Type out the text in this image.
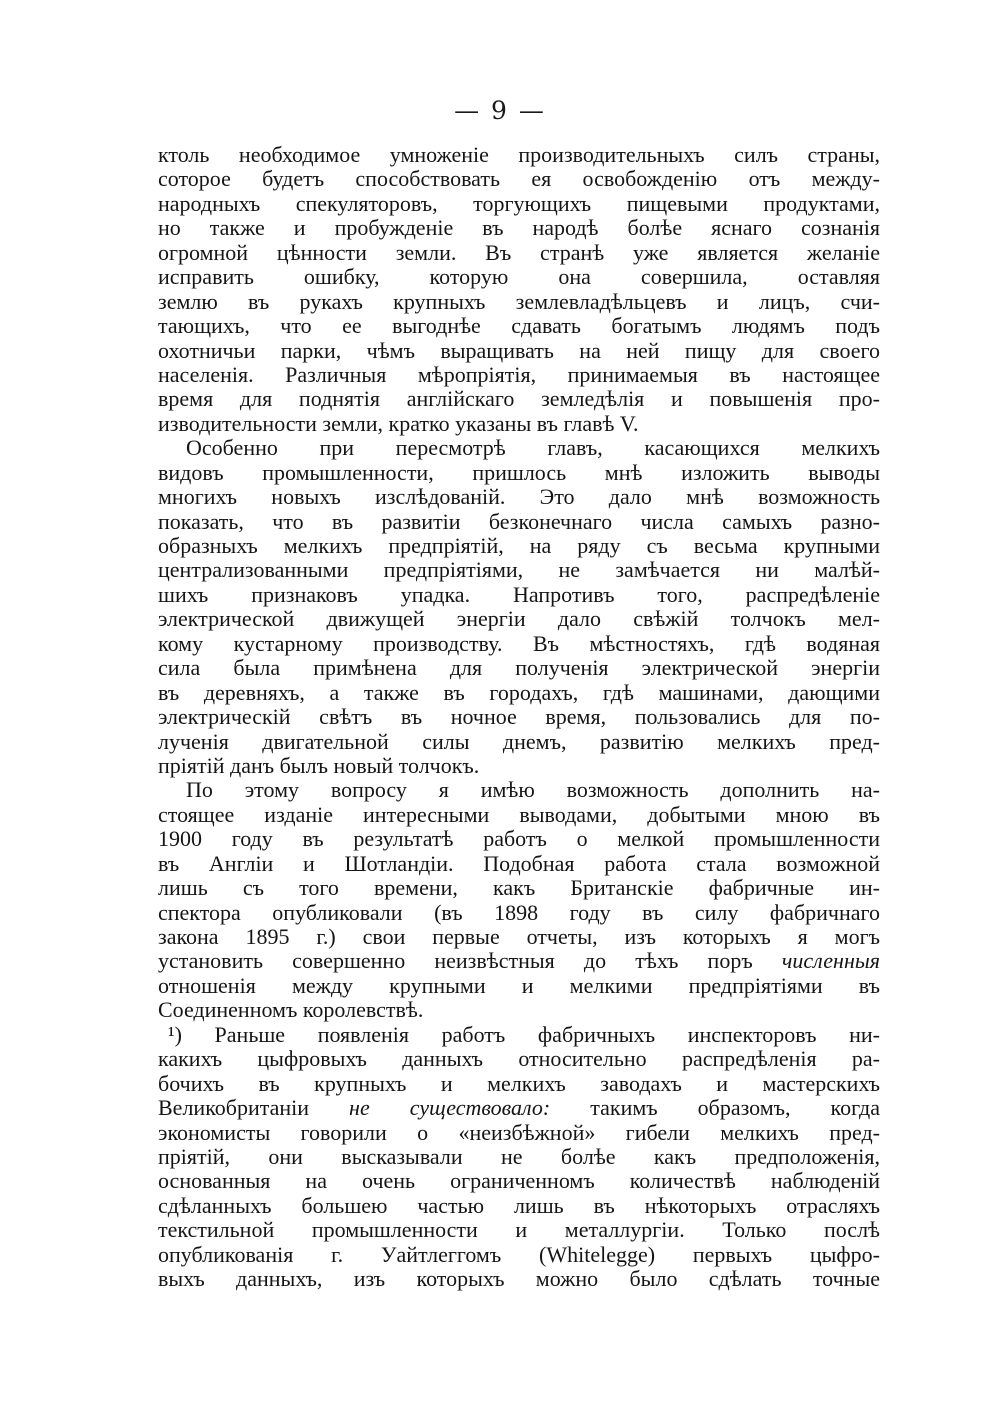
— 9 —
ктоль необходимое умноженіе производительныхъ силъ страны,
соторое будетъ способствовать ея освобожденію отъ между-
народныхъ спекуляторовъ, торгующихъ пищевыми продуктами,
но также и пробужденіе въ народѣ болѣе яснаго сознанія
огромной цѣнности земли. Въ странѣ уже является желаніе
исправить ошибку, которую она совершила, оставляя
землю въ рукахъ крупныхъ землевладѣльцевъ и лицъ, счи-
тающихъ, что ее выгоднѣе сдавать богатымъ людямъ подъ
охотничьи парки, чѣмъ выращивать на ней пищу для своего
населенія. Различныя мѣропріятія, принимаемыя въ настоящее
время для поднятія англійскаго земледѣлія и повышенія про-
изводительности земли, кратко указаны въ главѣ V.
Особенно при пересмотрѣ главъ, касающихся мелкихъ
видовъ промышленности, пришлось мнѣ изложить выводы
многихъ новыхъ изслѣдованій. Это дало мнѣ возможность
показать, что въ развитіи безконечнаго числа самыхъ разно-
образныхъ мелкихъ предпріятій, на ряду съ весьма крупными
централизованными предпріятіями, не замѣчается ни малѣй-
шихъ признаковъ упадка. Напротивъ того, распредѣленіе
электрической движущей энергіи дало свѣжій толчокъ мел-
кому кустарному производству. Въ мѣстностяхъ, гдѣ водяная
сила была примѣнена для полученія электрической энергіи
въ деревняхъ, а также въ городахъ, гдѣ машинами, дающими
электрическій свѣтъ въ ночное время, пользовались для по-
лученія двигательной силы днемъ, развитію мелкихъ пред-
пріятій данъ былъ новый толчокъ.
По этому вопросу я имѣю возможность дополнить на-
стоящее изданіе интересными выводами, добытыми мною въ
1900 году въ результатѣ работъ о мелкой промышленности
въ Англіи и Шотландіи. Подобная работа стала возможной
лишь съ того времени, какъ Британскіе фабричные ин-
спектора опубликовали (въ 1898 году въ силу фабричнаго
закона 1895 г.) свои первые отчеты, изъ которыхъ я могъ
установить совершенно неизвѣстныя до тѣхъ поръ численныя
отношенія между крупными и мелкими предпріятіями въ
Соединенномъ королевствѣ.
¹) Раньше появленія работъ фабричныхъ инспекторовъ ни-
какихъ цыфровыхъ данныхъ относительно распредѣленія ра-
бочихъ въ крупныхъ и мелкихъ заводахъ и мастерскихъ
Великобританіи не существовало: такимъ образомъ, когда
экономисты говорили о «неизбѣжной» гибели мелкихъ пред-
пріятій, они высказывали не болѣе какъ предположенія,
основанныя на очень ограниченномъ количествѣ наблюденій
сдѣланныхъ большею частью лишь въ нѣкоторыхъ отрасляхъ
текстильной промышленности и металлургіи. Только послѣ
опубликованія г. Уайтлеггомъ (Whitelegge) первыхъ цыфро-
выхъ данныхъ, изъ которыхъ можно было сдѣлать точные
